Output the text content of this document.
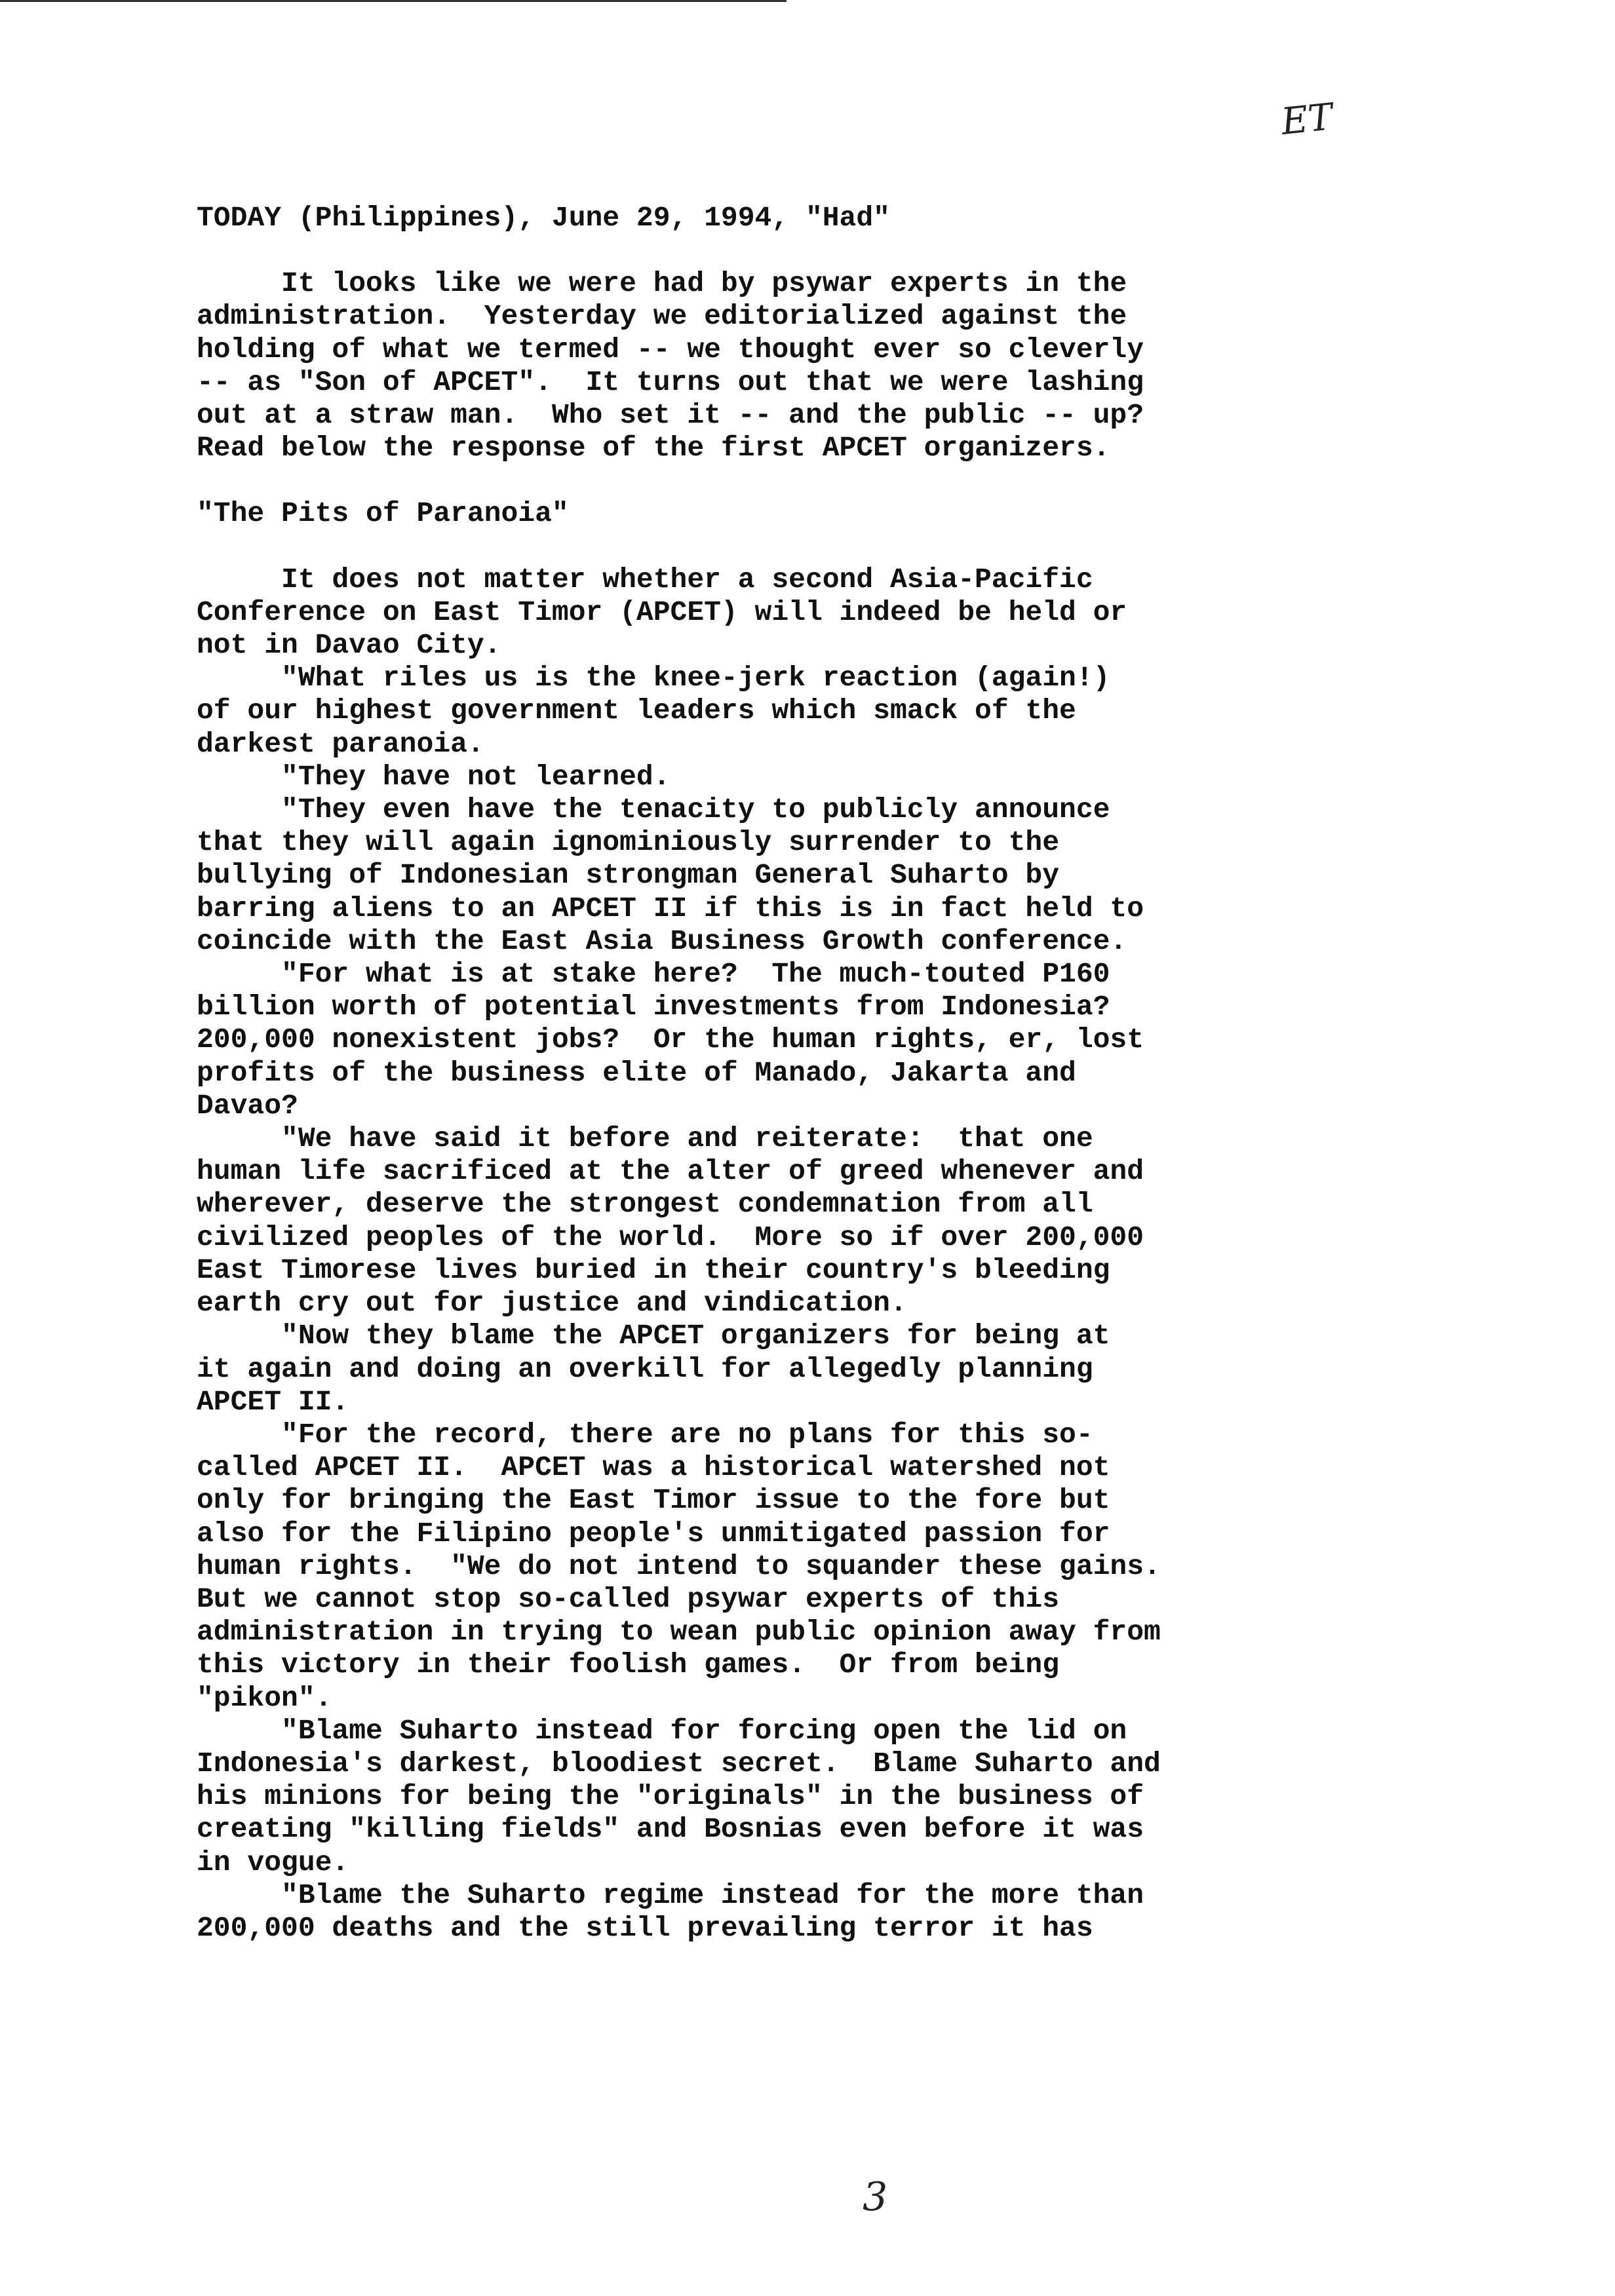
ET
TODAY (Philippines), June 29, 1994, "Had"
It looks like we were had by psywar experts in the
administration.  Yesterday we editorialized against the
holding of what we termed -- we thought ever so cleverly
-- as "Son of APCET".  It turns out that we were lashing
out at a straw man.  Who set it -- and the public -- up?
Read below the response of the first APCET organizers.
"The Pits of Paranoia"
It does not matter whether a second Asia-Pacific
Conference on East Timor (APCET) will indeed be held or
not in Davao City.
"What riles us is the knee-jerk reaction (again!)
of our highest government leaders which smack of the
darkest paranoia.
"They have not learned.
"They even have the tenacity to publicly announce
that they will again ignominiously surrender to the
bullying of Indonesian strongman General Suharto by
barring aliens to an APCET II if this is in fact held to
coincide with the East Asia Business Growth conference.
"For what is at stake here?  The much-touted P160
billion worth of potential investments from Indonesia?
200,000 nonexistent jobs?  Or the human rights, er, lost
profits of the business elite of Manado, Jakarta and
Davao?
"We have said it before and reiterate:  that one
human life sacrificed at the alter of greed whenever and
wherever, deserve the strongest condemnation from all
civilized peoples of the world.  More so if over 200,000
East Timorese lives buried in their country's bleeding
earth cry out for justice and vindication.
"Now they blame the APCET organizers for being at
it again and doing an overkill for allegedly planning
APCET II.
"For the record, there are no plans for this so-
called APCET II.  APCET was a historical watershed not
only for bringing the East Timor issue to the fore but
also for the Filipino people's unmitigated passion for
human rights.  "We do not intend to squander these gains.
But we cannot stop so-called psywar experts of this
administration in trying to wean public opinion away from
this victory in their foolish games.  Or from being
"pikon".
"Blame Suharto instead for forcing open the lid on
Indonesia's darkest, bloodiest secret.  Blame Suharto and
his minions for being the "originals" in the business of
creating "killing fields" and Bosnias even before it was
in vogue.
"Blame the Suharto regime instead for the more than
200,000 deaths and the still prevailing terror it has
3
